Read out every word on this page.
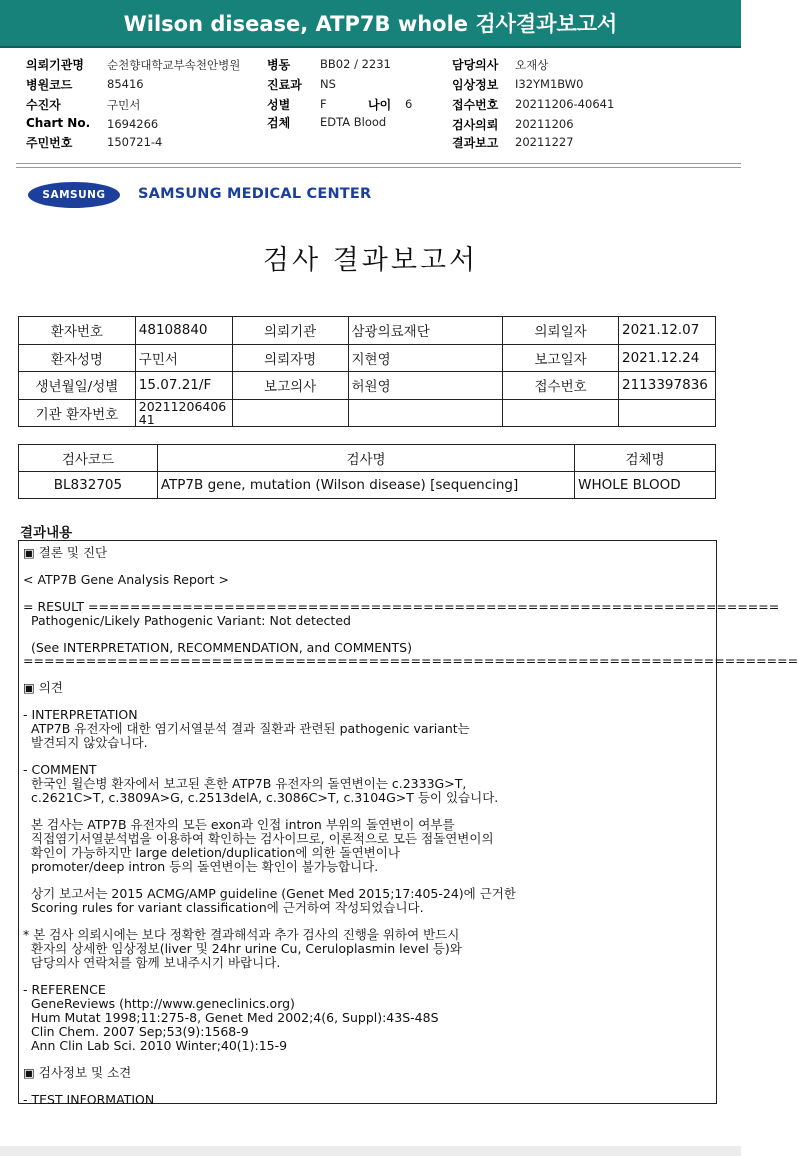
Wilson disease, ATP7B whole 검사결과보고서
의뢰기관명 순천향대학교부속천안병원
병원코드	85416
수진자	구민서
Chart No. 1694266
주민번호	150721-4
병동	BB02 / 2231
진료과 NS
성별	F	나이 6
검체	EDTA Blood
담당의사 오재상
임상정보 I32YM1BW0
접수번호 20211206-40641
검사의뢰 20211206
결과보고 20211227
SAMSUNG	SAMSUNG MEDICAL CENTER
검사 결과보고서
환자번호	48108840	의뢰기관	삼광의료재단	의뢰일자	2021.12.07
환자성명	구민서	의뢰자명	지현영	보고일자	2021.12.24
생년월일/성별	15.07.21/F	보고의사	허원영	접수번호	2113397836
기관 환자번호	20211206406 41				
검사코드	검사명	검체명
BL832705	ATP7B gene, mutation (Wilson disease) [sequencing]	WHOLE BLOOD
결과내용
▣ 결론 및 진단
< ATP7B Gene Analysis Report >
= RESULT ==================================================================
Pathogenic/Likely Pathogenic Variant: Not detected
(See INTERPRETATION, RECOMMENDATION, and COMMENTS)
==========================================================================
▣ 의견
- INTERPRETATION
ATP7B 유전자에 대한 염기서열분석 결과 질환과 관련된 pathogenic variant는
발견되지 않았습니다.
- COMMENT
한국인 윌슨병 환자에서 보고된 흔한 ATP7B 유전자의 돌연변이는 c.2333G>T,
c.2621C>T, c.3809A>G, c.2513delA, c.3086C>T, c.3104G>T 등이 있습니다.
본 검사는 ATP7B 유전자의 모든 exon과 인접 intron 부위의 돌연변이 여부를
직접염기서열분석법을 이용하여 확인하는 검사이므로, 이론적으로 모든 점돌연변이의
확인이 가능하지만 large deletion/duplication에 의한 돌연변이나
promoter/deep intron 등의 돌연변이는 확인이 불가능합니다.
상기 보고서는 2015 ACMG/AMP guideline (Genet Med 2015;17:405-24)에 근거한
Scoring rules for variant classification에 근거하여 작성되었습니다.
* 본 검사 의뢰시에는 보다 정확한 결과해석과 추가 검사의 진행을 위하여 반드시
환자의 상세한 임상정보(liver 및 24hr urine Cu, Ceruloplasmin level 등)와
담당의사 연락처를 함께 보내주시기 바랍니다.
- REFERENCE
GeneReviews (http://www.geneclinics.org)
Hum Mutat 1998;11:275-8, Genet Med 2002;4(6, Suppl):43S-48S
Clin Chem. 2007 Sep;53(9):1568-9
Ann Clin Lab Sci. 2010 Winter;40(1):15-9
▣ 검사정보 및 소견
- TEST INFORMATION
